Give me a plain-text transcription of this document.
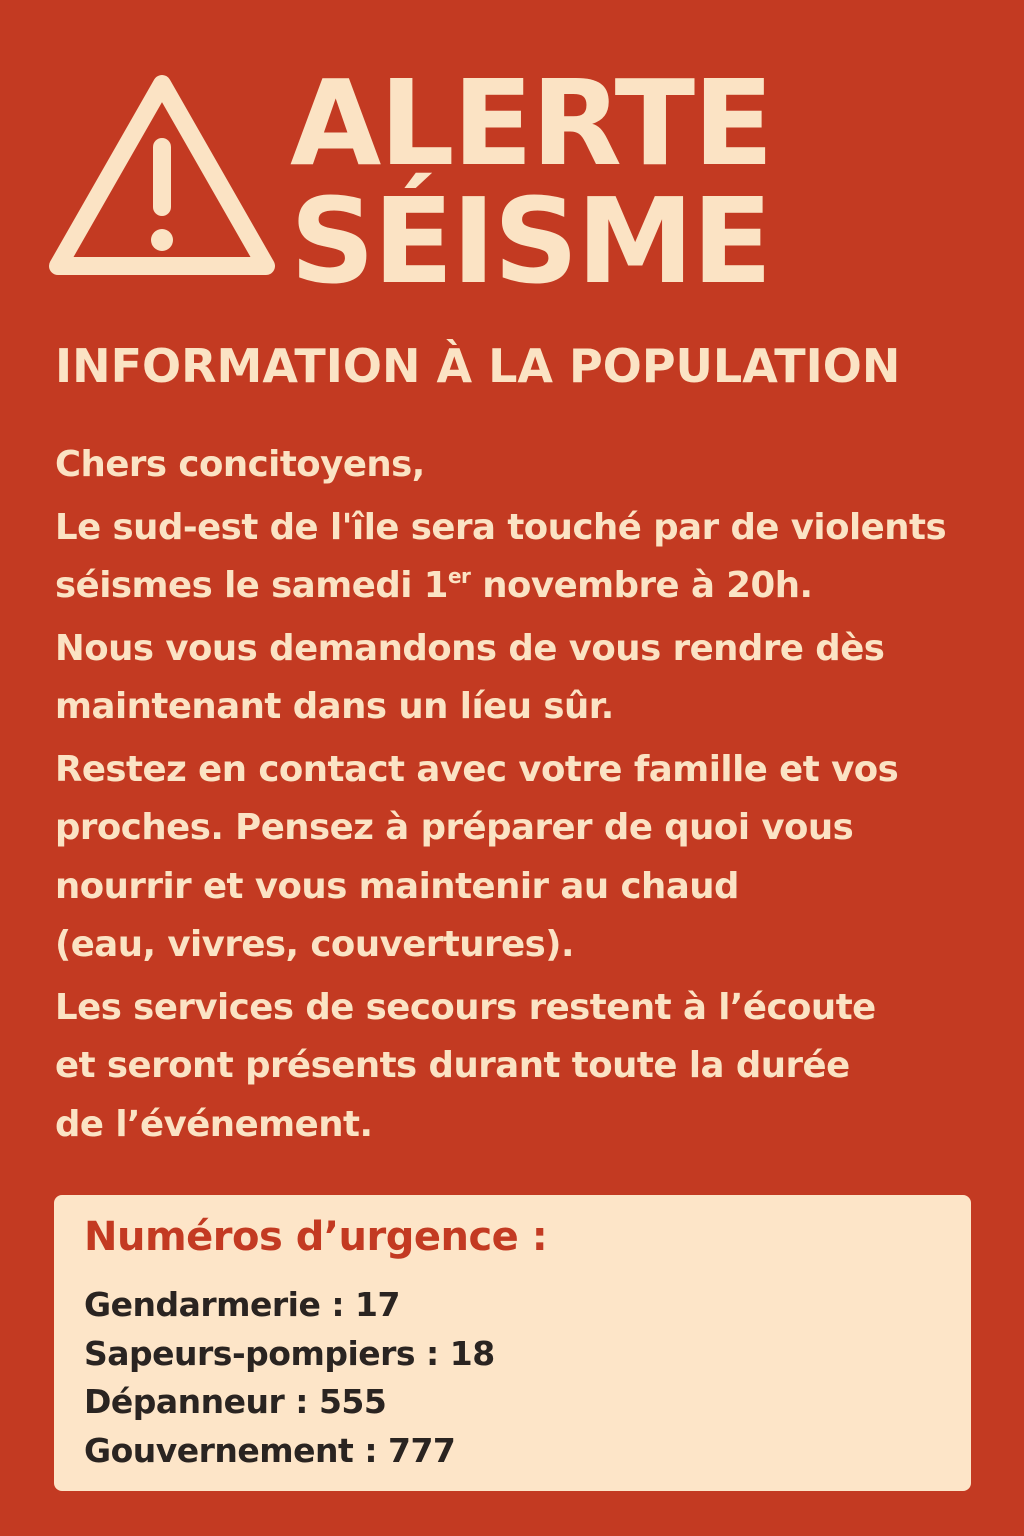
ALERTE
SÉISME
INFORMATION À LA POPULATION

Chers concitoyens,

Le sud-est de l'île sera touché par de violents
séismes le samedi 1er novembre à 20h.

Nous vous demandons de vous rendre dès
maintenant dans un líeu sûr.

Restez en contact avec votre famille et vos
proches. Pensez à préparer de quoi vous
nourrir et vous maintenir au chaud
(eau, vivres, couvertures).

Les services de secours restent à l’écoute
et seront présents durant toute la durée
de l’événement.

Numéros d’urgence :
Gendarmerie : 17
Sapeurs-pompiers : 18
Dépanneur : 555
Gouvernement : 777
